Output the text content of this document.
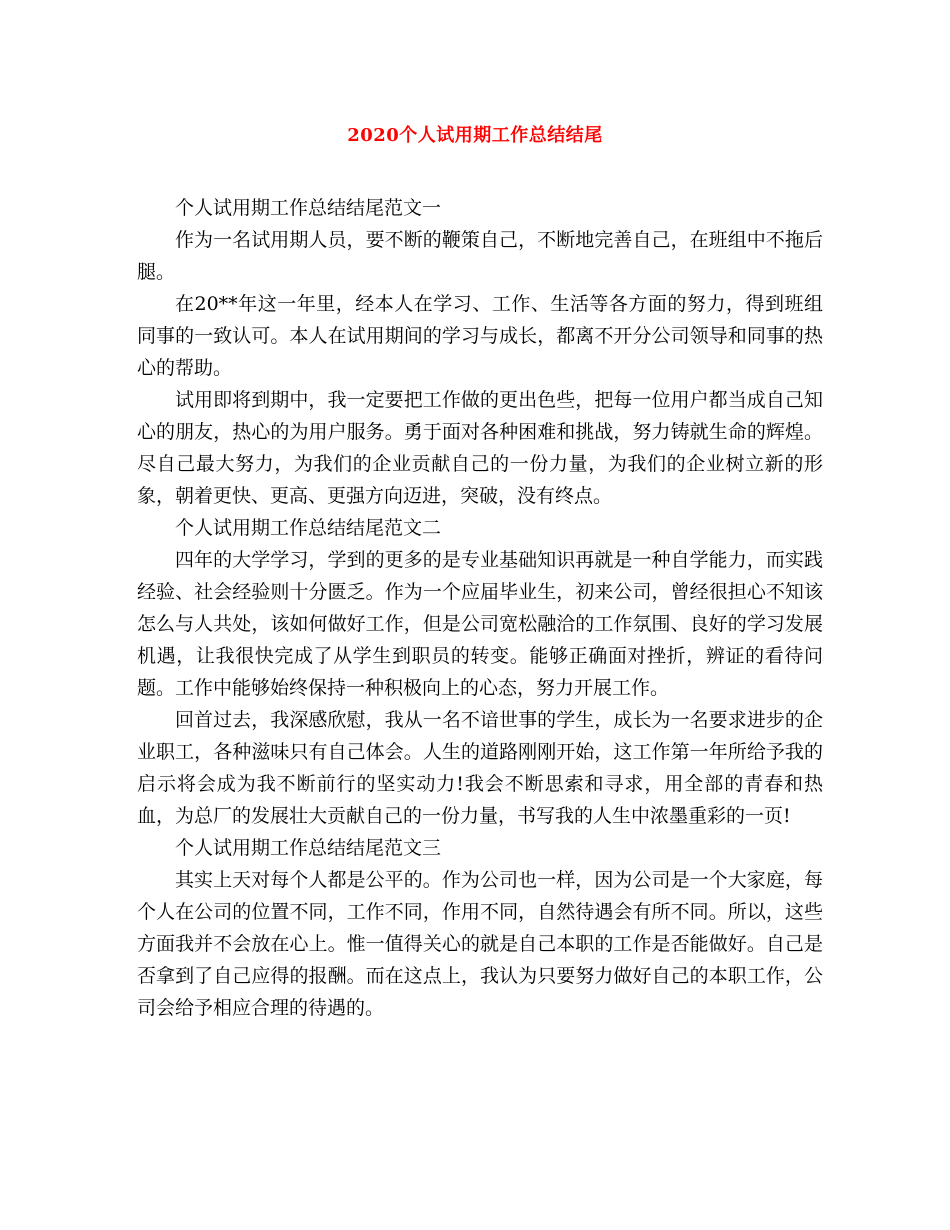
2020个人试用期工作总结结尾

个人试用期工作总结结尾范文一

作为一名试用期人员，要不断的鞭策自己，不断地完善自己，在班组中不拖后腿。

在20**年这一年里，经本人在学习、工作、生活等各方面的努力，得到班组同事的一致认可。本人在试用期间的学习与成长，都离不开分公司领导和同事的热心的帮助。

试用即将到期中，我一定要把工作做的更出色些，把每一位用户都当成自己知心的朋友，热心的为用户服务。勇于面对各种困难和挑战，努力铸就生命的辉煌。尽自己最大努力，为我们的企业贡献自己的一份力量，为我们的企业树立新的形象，朝着更快、更高、更强方向迈进，突破，没有终点。

个人试用期工作总结结尾范文二

四年的大学学习，学到的更多的是专业基础知识再就是一种自学能力，而实践经验、社会经验则十分匮乏。作为一个应届毕业生，初来公司，曾经很担心不知该怎么与人共处，该如何做好工作，但是公司宽松融洽的工作氛围、良好的学习发展机遇，让我很快完成了从学生到职员的转变。能够正确面对挫折，辨证的看待问题。工作中能够始终保持一种积极向上的心态，努力开展工作。

回首过去，我深感欣慰，我从一名不谙世事的学生，成长为一名要求进步的企业职工，各种滋味只有自己体会。人生的道路刚刚开始，这工作第一年所给予我的启示将会成为我不断前行的坚实动力!我会不断思索和寻求，用全部的青春和热血，为总厂的发展壮大贡献自己的一份力量，书写我的人生中浓墨重彩的一页!

个人试用期工作总结结尾范文三

其实上天对每个人都是公平的。作为公司也一样，因为公司是一个大家庭，每个人在公司的位置不同，工作不同，作用不同，自然待遇会有所不同。所以，这些方面我并不会放在心上。惟一值得关心的就是自己本职的工作是否能做好。自己是否拿到了自己应得的报酬。而在这点上，我认为只要努力做好自己的本职工作，公司会给予相应合理的待遇的。
